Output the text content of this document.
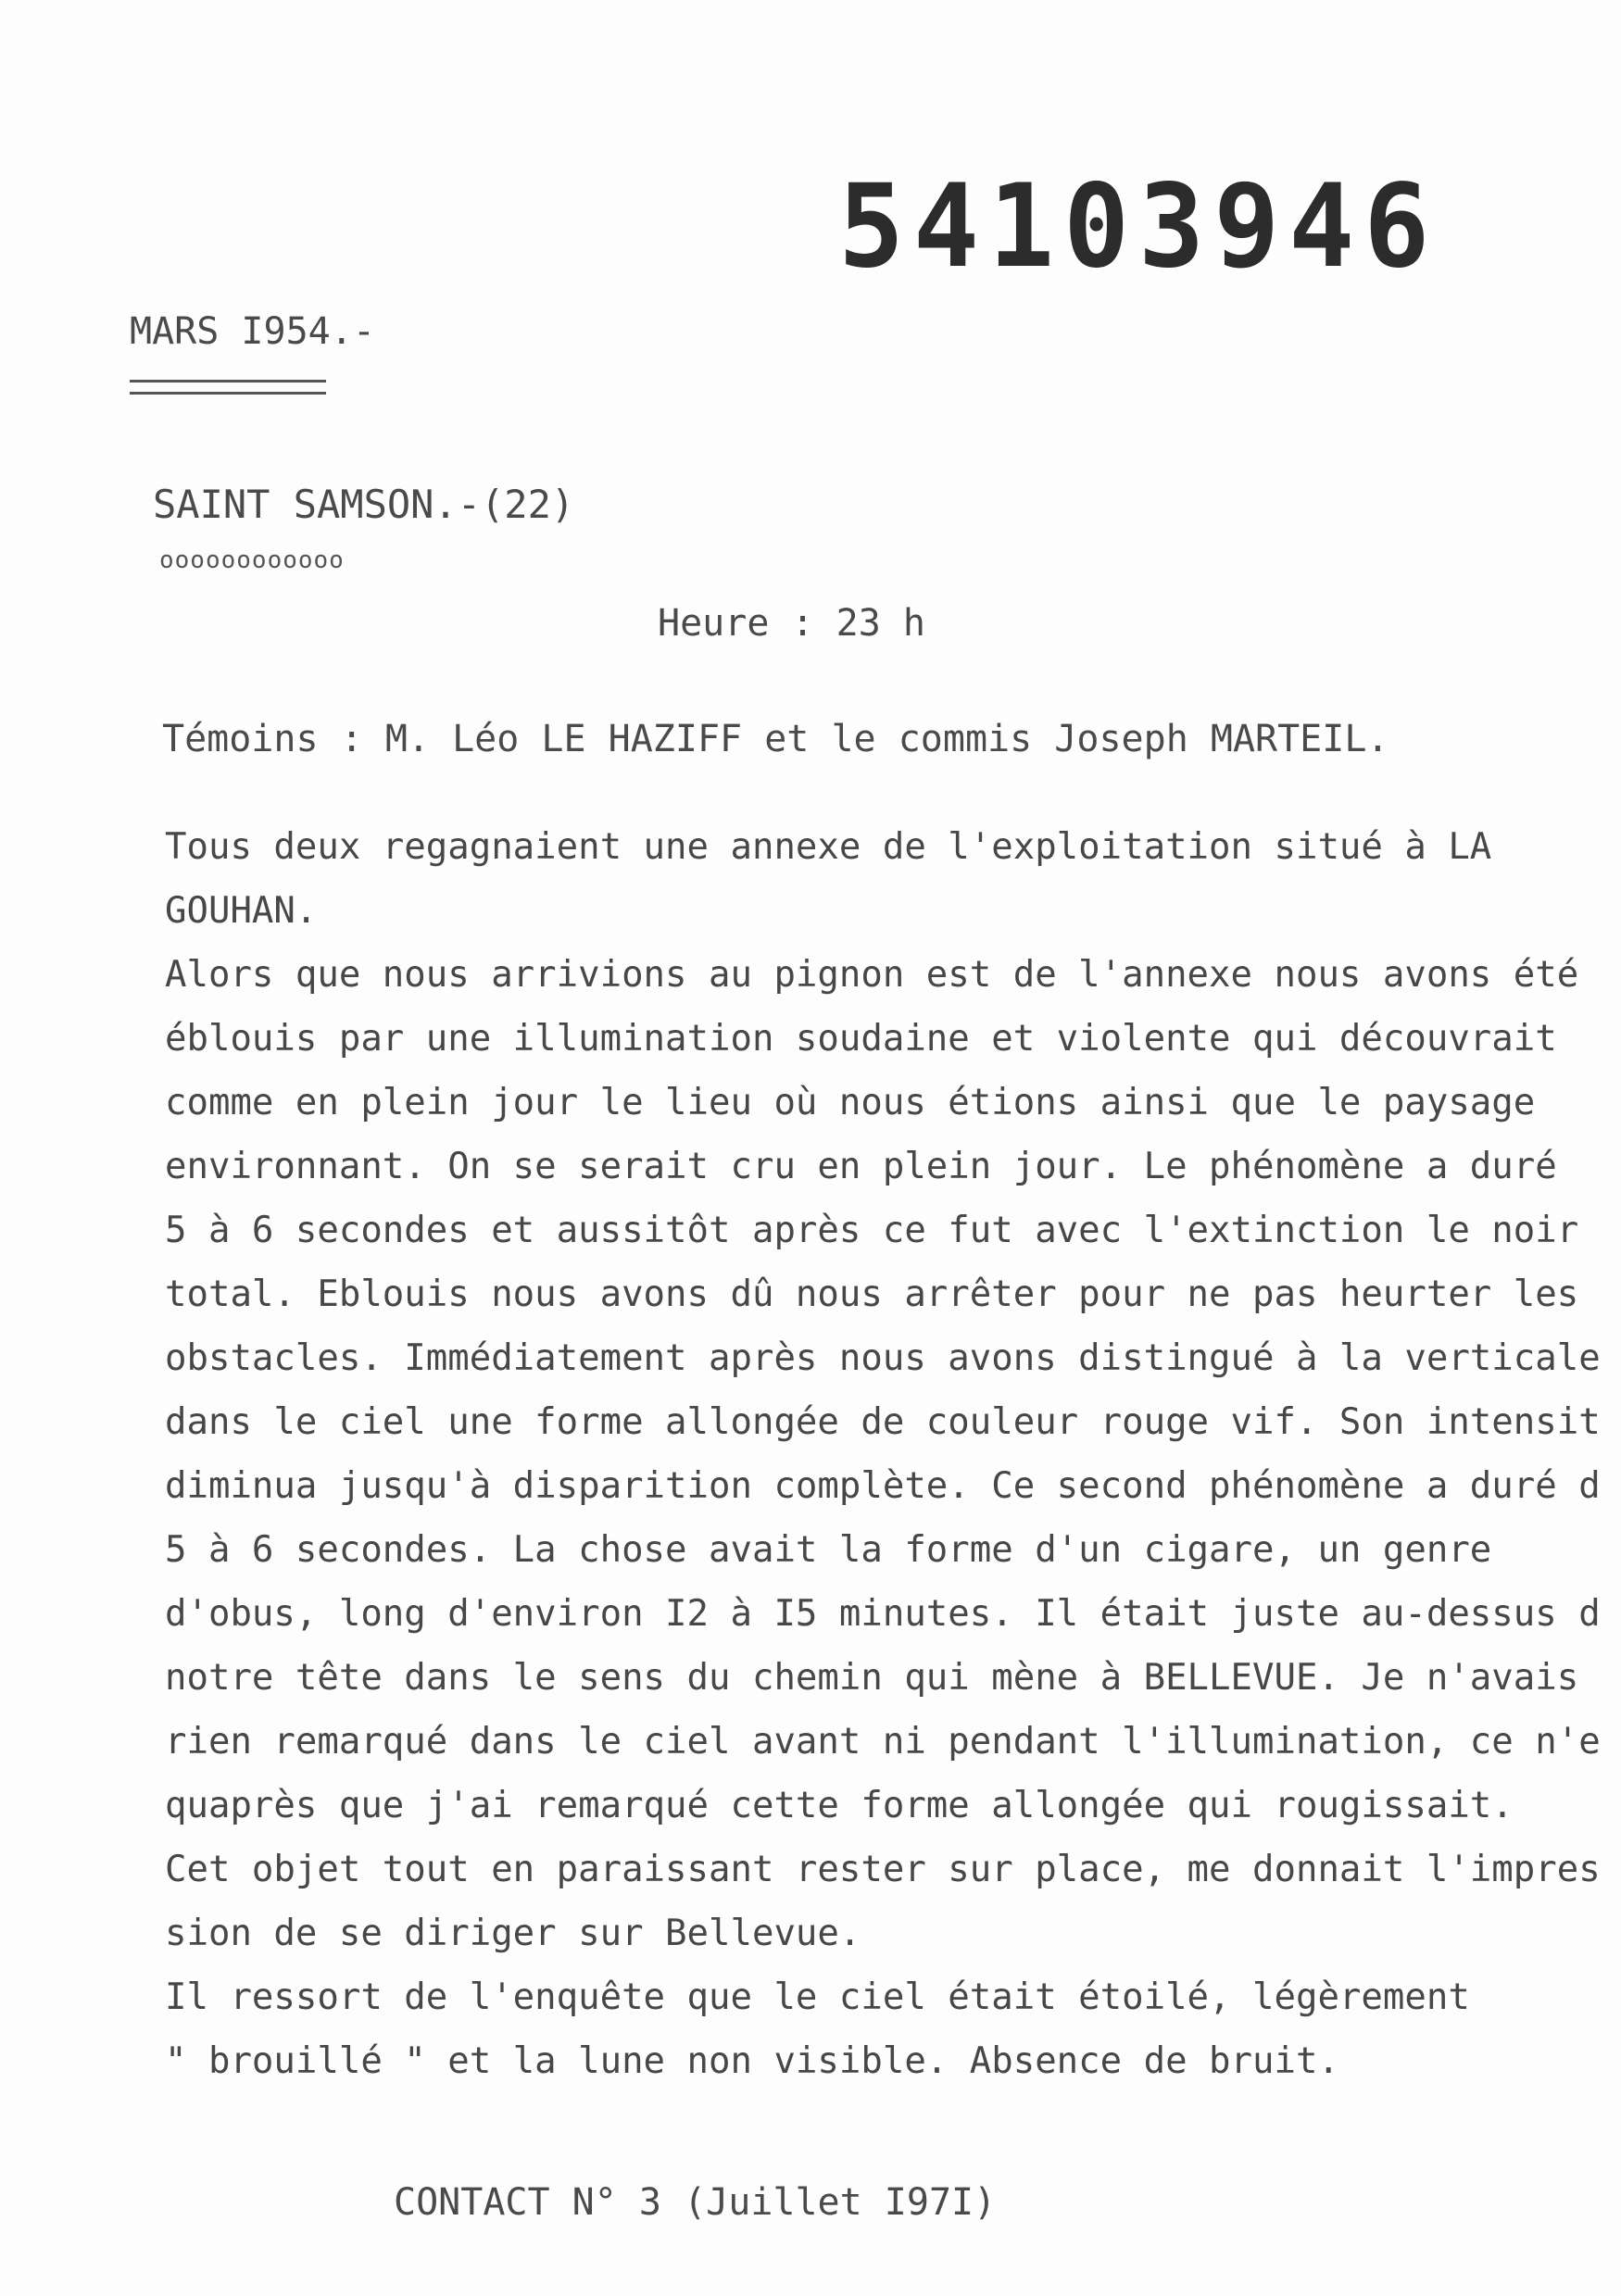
54103946
MARS I954.-
SAINT SAMSON.-(22)
oooooooooooo
Heure : 23 h
Témoins : M. Léo LE HAZIFF et le commis Joseph MARTEIL.
Tous deux regagnaient une annexe de l'exploitation situé à LA
GOUHAN.
Alors que nous arrivions au pignon est de l'annexe nous avons été
éblouis par une illumination soudaine et violente qui découvrait
comme en plein jour le lieu où nous étions ainsi que le paysage
environnant. On se serait cru en plein jour. Le phénomène a duré
5 à 6 secondes et aussitôt après ce fut avec l'extinction le noir
total. Eblouis nous avons dû nous arrêter pour ne pas heurter les
obstacles. Immédiatement après nous avons distingué à la verticale
dans le ciel une forme allongée de couleur rouge vif. Son intensit
diminua jusqu'à disparition complète. Ce second phénomène a duré d
5 à 6 secondes. La chose avait la forme d'un cigare, un genre
d'obus, long d'environ I2 à I5 minutes. Il était juste au-dessus d
notre tête dans le sens du chemin qui mène à BELLEVUE. Je n'avais
rien remarqué dans le ciel avant ni pendant l'illumination, ce n'e
quaprès que j'ai remarqué cette forme allongée qui rougissait.
Cet objet tout en paraissant rester sur place, me donnait l'impres
sion de se diriger sur Bellevue.
Il ressort de l'enquête que le ciel était étoilé, légèrement
" brouillé " et la lune non visible. Absence de bruit.
CONTACT N° 3 (Juillet I97I)
